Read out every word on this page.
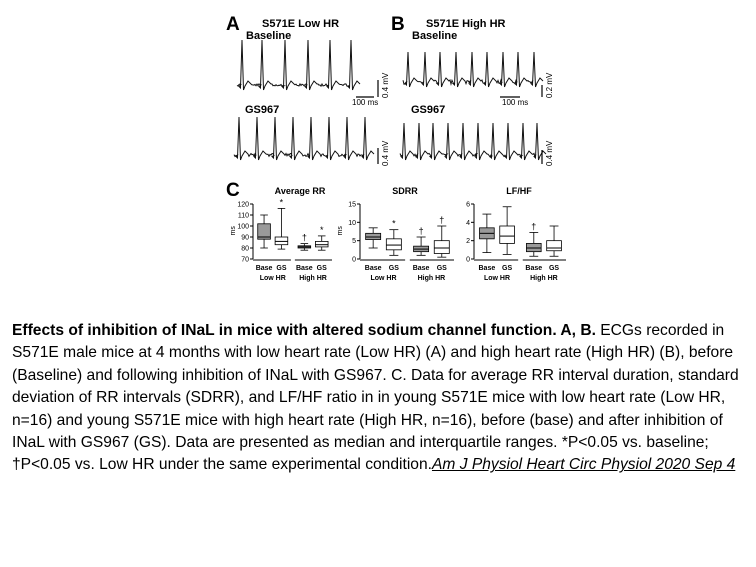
A S571E Low HR
Baseline
100 ms
0.4 mV
GS967
0.4 mV
B S571E High HR
Baseline
100 ms
0.2 mV
GS967
0.4 mV
C	Average RR
70
80
90
100
110
120
ms
Base
*
GS
†
Base
*
GS
Low HR High HR
SDRR
0
5
10
15
ms
Base
*
GS
†
Base
†
GS
Low HR	High HR
LF/HF
0
2
4
6
Base GS
†
Base GS
Low HR	High HR
Effects of inhibition of INaL in mice with altered sodium channel function. A, B. ECGs recorded in S571E male mice at 4 months with low heart rate (Low HR) (A) and high heart rate (High HR) (B), before (Baseline) and following inhibition of INaL with GS967. C. Data for average RR interval duration, standard deviation of RR intervals (SDRR), and LF/HF ratio in in young S571E mice with low heart rate (Low HR, n=16) and young S571E mice with high heart rate (High HR, n=16), before (base) and after inhibition of INaL with GS967 (GS). Data are presented as median and interquartile ranges. *P<0.05 vs. baseline; †P<0.05 vs. Low HR under the same experimental condition.Am J Physiol Heart Circ Physiol 2020 Sep 4
